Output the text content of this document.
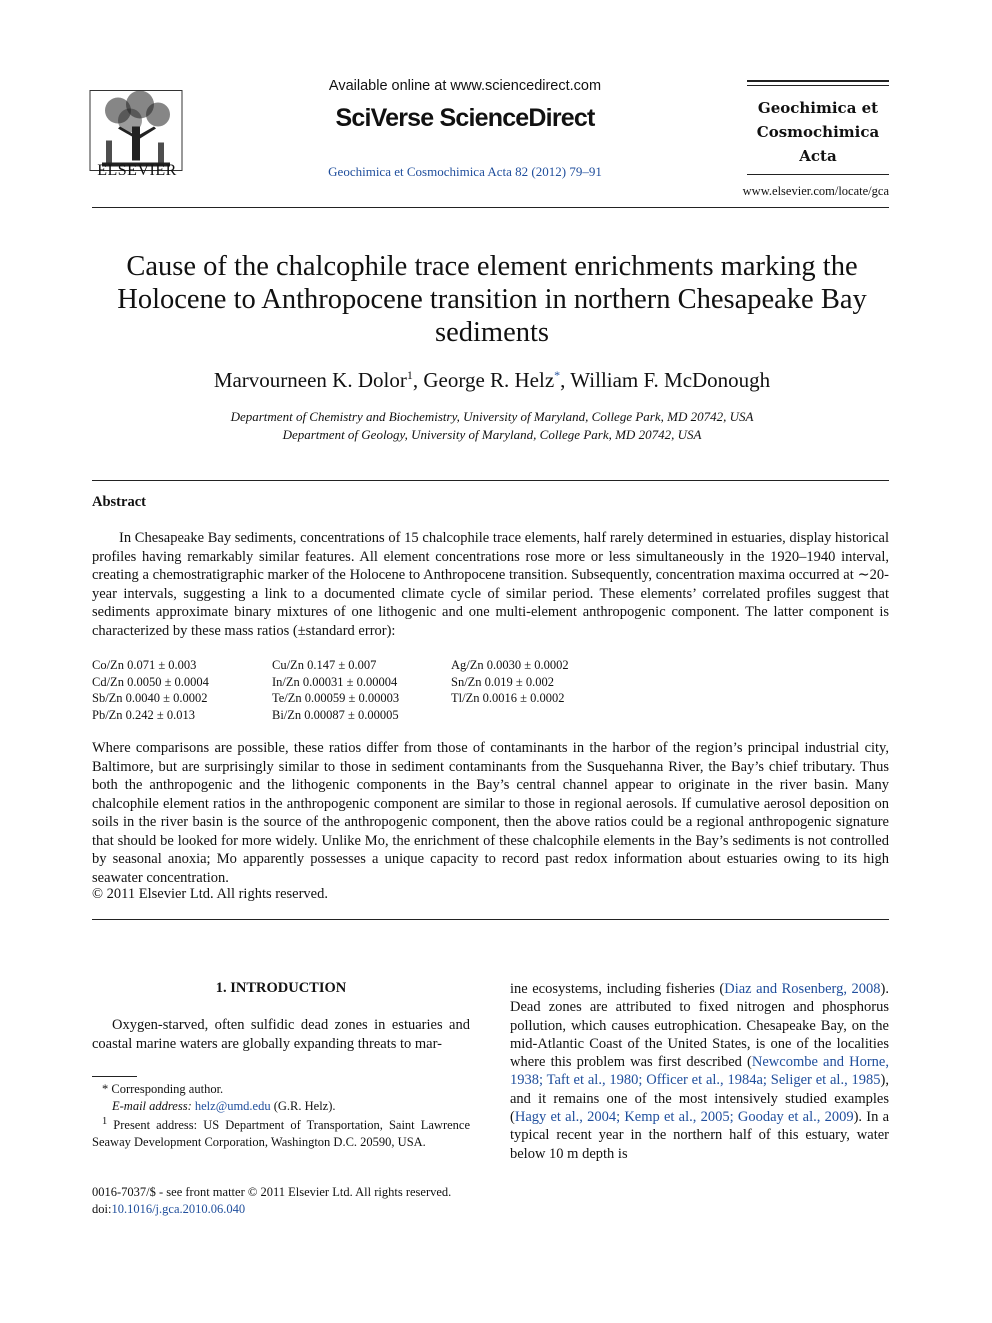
ELSEVIER
Available online at www.sciencedirect.com
SciVerse ScienceDirect
Geochimica et Cosmochimica Acta 82 (2012) 79–91
Geochimica et
Cosmochimica
Acta
www.elsevier.com/locate/gca
Cause of the chalcophile trace element enrichments marking the Holocene to Anthropocene transition in northern Chesapeake Bay sediments
Marvourneen K. Dolor$^1$, George R. Helz*, William F. McDonough
Department of Chemistry and Biochemistry, University of Maryland, College Park, MD 20742, USA
Department of Geology, University of Maryland, College Park, MD 20742, USA
Abstract
In Chesapeake Bay sediments, concentrations of 15 chalcophile trace elements, half rarely determined in estuaries, display historical profiles having remarkably similar features. All element concentrations rose more or less simultaneously in the 1920–1940 interval, creating a chemostratigraphic marker of the Holocene to Anthropocene transition. Subsequently, concentration maxima occurred at ∼20-year intervals, suggesting a link to a documented climate cycle of similar period. These elements’ correlated profiles suggest that sediments approximate binary mixtures of one lithogenic and one multi-element anthropogenic component. The latter component is characterized by these mass ratios (±standard error):
Co/Zn 0.071 ± 0.003
Cd/Zn 0.0050 ± 0.0004
Sb/Zn 0.0040 ± 0.0002
Pb/Zn 0.242 ± 0.013
Cu/Zn 0.147 ± 0.007
In/Zn 0.00031 ± 0.00004
Te/Zn 0.00059 ± 0.00003
Bi/Zn 0.00087 ± 0.00005
Ag/Zn 0.0030 ± 0.0002
Sn/Zn 0.019 ± 0.002
Tl/Zn 0.0016 ± 0.0002
Where comparisons are possible, these ratios differ from those of contaminants in the harbor of the region’s principal industrial city, Baltimore, but are surprisingly similar to those in sediment contaminants from the Susquehanna River, the Bay’s chief tributary. Thus both the anthropogenic and the lithogenic components in the Bay’s central channel appear to originate in the river basin. Many chalcophile element ratios in the anthropogenic component are similar to those in regional aerosols. If cumulative aerosol deposition on soils in the river basin is the source of the anthropogenic component, then the above ratios could be a regional anthropogenic signature that should be looked for more widely. Unlike Mo, the enrichment of these chalcophile elements in the Bay’s sediments is not controlled by seasonal anoxia; Mo apparently possesses a unique capacity to record past redox information about estuaries owing to its high seawater concentration.
© 2011 Elsevier Ltd. All rights reserved.
1. INTRODUCTION
Oxygen-starved, often sulfidic dead zones in estuaries and coastal marine waters are globally expanding threats to mar-

* Corresponding author.

E-mail address: helz@umd.edu (G.R. Helz).

$^1$ Present address: US Department of Transportation, Saint Lawrence Seaway Development Corporation, Washington D.C. 20590, USA.

0016-7037/$ - see front matter © 2011 Elsevier Ltd. All rights reserved.
doi:10.1016/j.gca.2010.06.040
ine ecosystems, including fisheries (Diaz and Rosenberg, 2008). Dead zones are attributed to fixed nitrogen and phosphorus pollution, which causes eutrophication. Chesapeake Bay, on the mid-Atlantic Coast of the United States, is one of the localities where this problem was first described (Newcombe and Horne, 1938; Taft et al., 1980; Officer et al., 1984a; Seliger et al., 1985), and it remains one of the most intensively studied examples (Hagy et al., 2004; Kemp et al., 2005; Gooday et al., 2009). In a typical recent year in the northern half of this estuary, water below 10 m depth is
